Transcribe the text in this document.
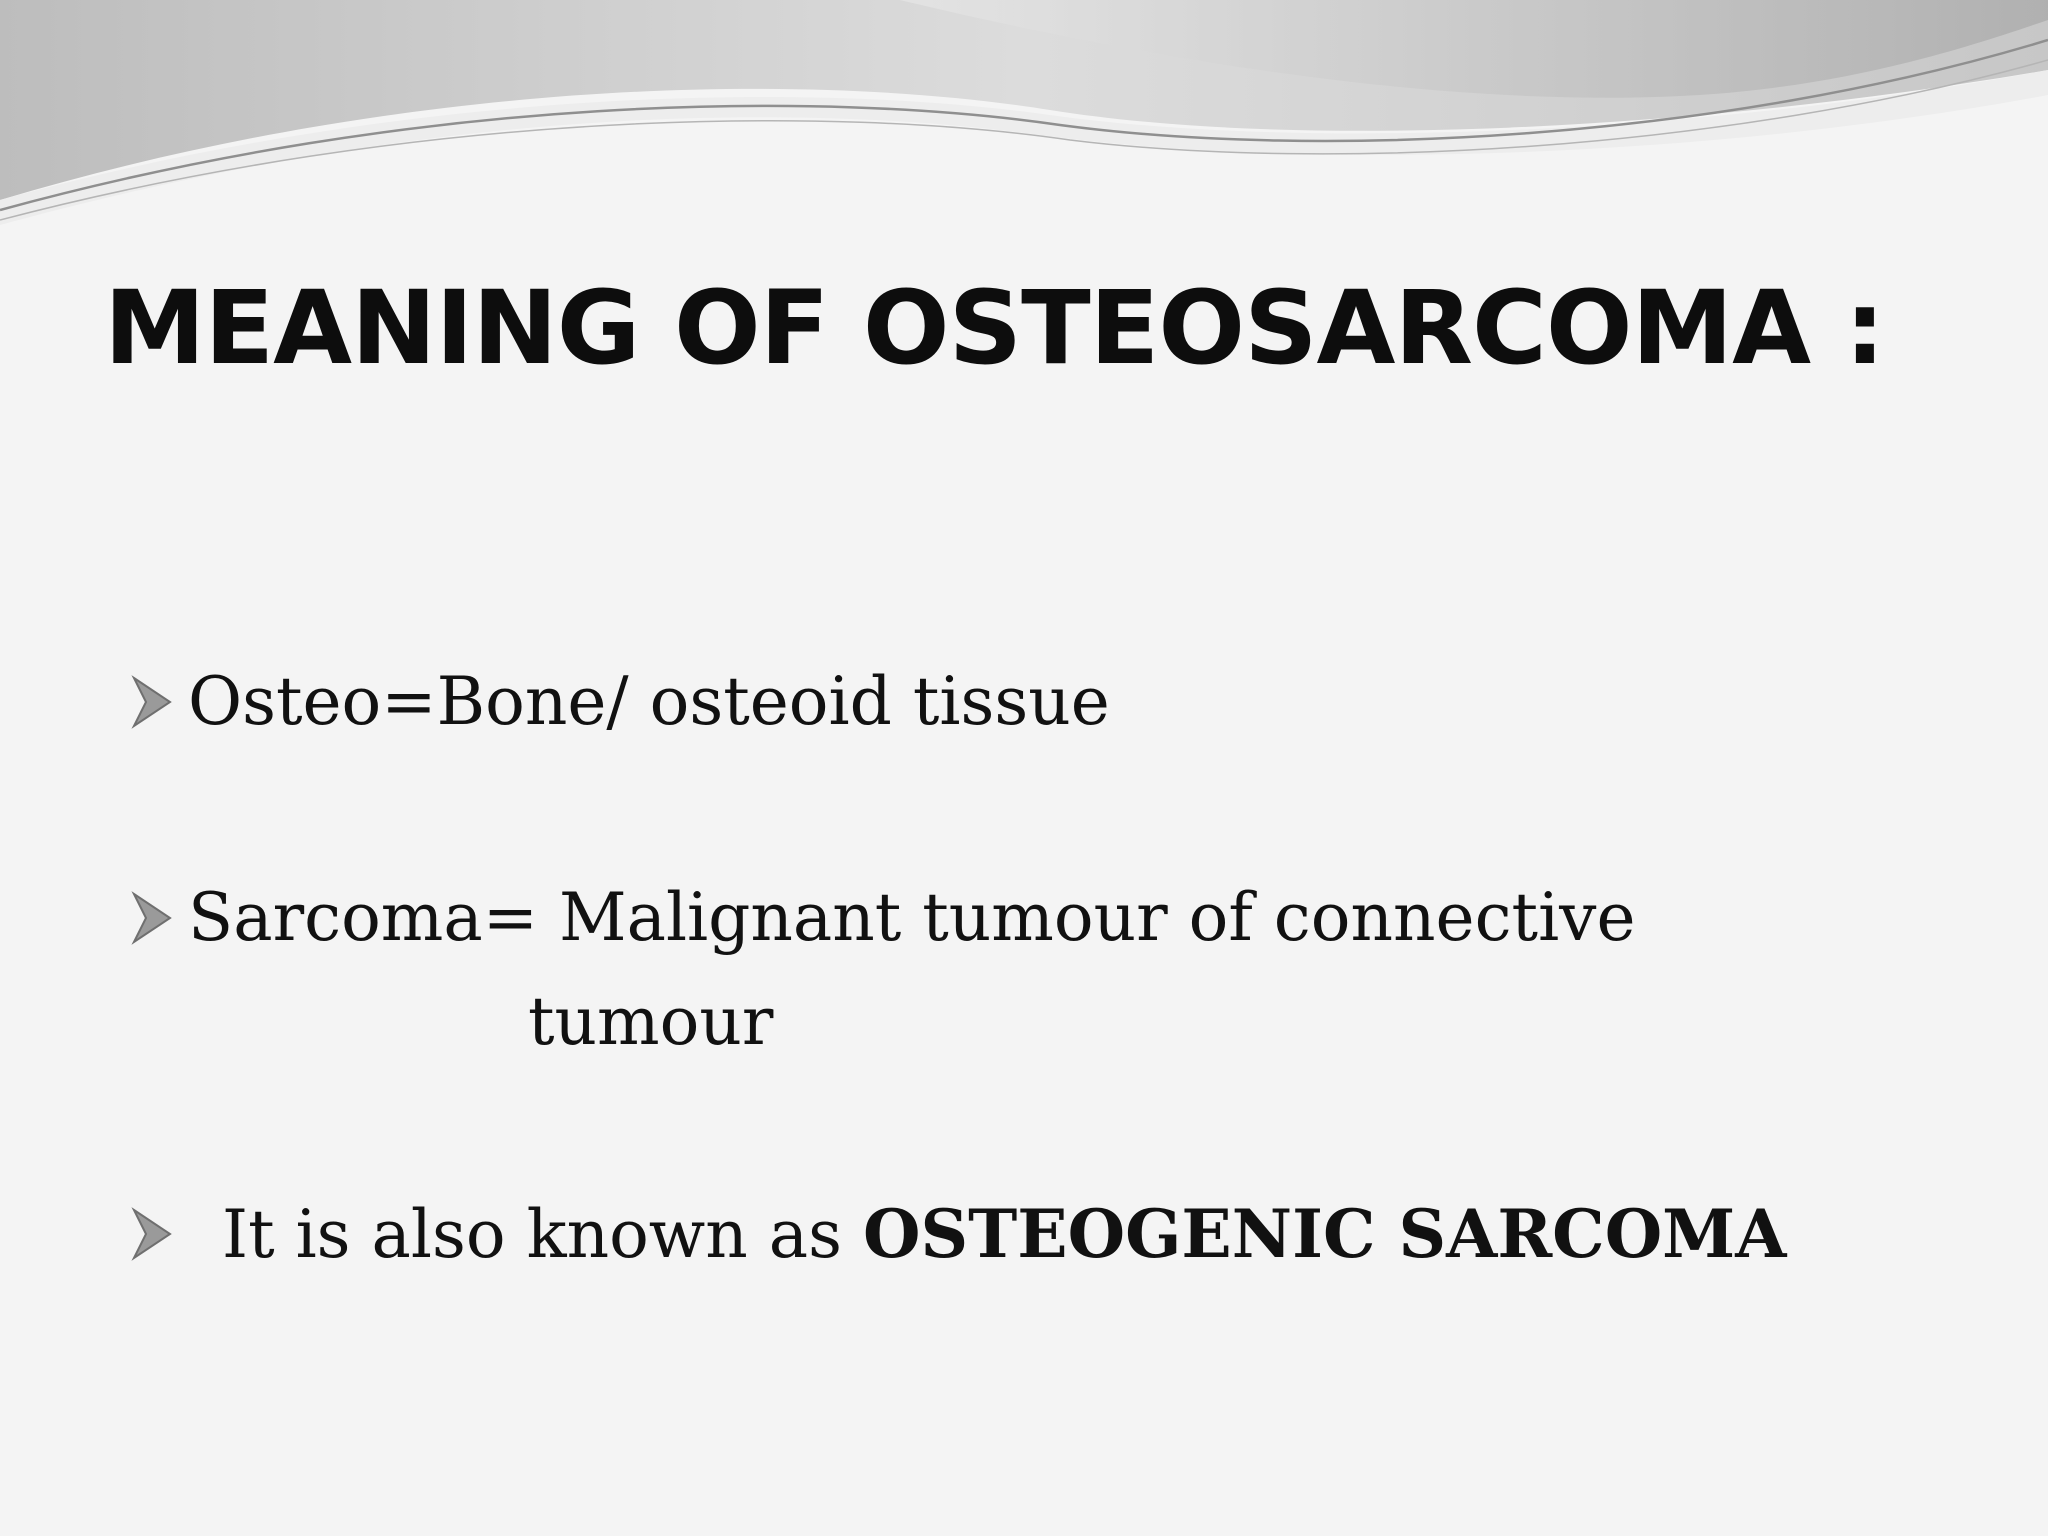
MEANING OF OSTEOSARCOMA :
Osteo=Bone/ osteoid tissue
Sarcoma= Malignant tumour of connective
tumour
It is also known as OSTEOGENIC SARCOMA
